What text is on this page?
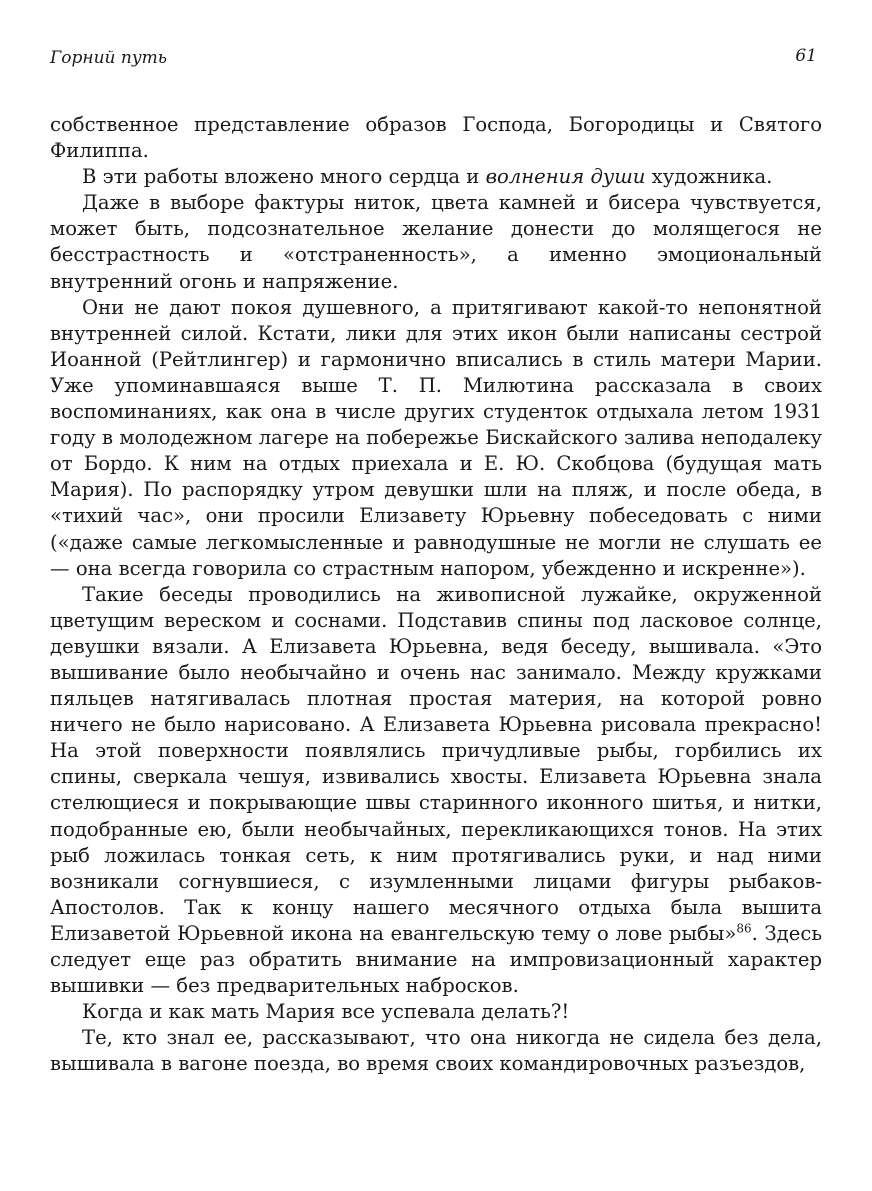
Горний путь	61

собственное представление образов Господа, Богородицы и Святого Филиппа.

В эти работы вложено много сердца и волнения души художника.

Даже в выборе фактуры ниток, цвета камней и бисера чувствуется, может быть, подсознательное желание донести до молящегося не бесстрастность и «отстраненность», а именно эмоциональный внутренний огонь и напряжение.

Они не дают покоя душевного, а притягивают какой-то непонятной внутренней силой. Кстати, лики для этих икон были написаны сестрой Иоанной (Рейтлингер) и гармонично вписались в стиль матери Марии. Уже упоминавшаяся выше Т. П. Милютина рассказала в своих воспоминаниях, как она в числе других студенток отдыхала летом 1931 году в молодежном лагере на побережье Бискайского залива неподалеку от Бордо. К ним на отдых приехала и Е. Ю. Скобцова (будущая мать Мария). По распорядку утром девушки шли на пляж, и после обеда, в «тихий час», они просили Елизавету Юрьевну побеседовать с ними («даже самые легкомысленные и равнодушные не могли не слушать ее — она всегда говорила со страстным напором, убежденно и искренне»).

Такие беседы проводились на живописной лужайке, окруженной цветущим вереском и соснами. Подставив спины под ласковое солнце, девушки вязали. А Елизавета Юрьевна, ведя беседу, вышивала. «Это вышивание было необычайно и очень нас занимало. Между кружками пяльцев натягивалась плотная простая материя, на которой ровно ничего не было нарисовано. А Елизавета Юрьевна рисовала прекрасно! На этой поверхности появлялись причудливые рыбы, горбились их спины, сверкала чешуя, извивались хвосты. Елизавета Юрьевна знала стелющиеся и покрывающие швы старинного иконного шитья, и нитки, подобранные ею, были необычайных, перекликающихся тонов. На этих рыб ложилась тонкая сеть, к ним протягивались руки, и над ними возникали согнувшиеся, с изумленными лицами фигуры рыбаков-Апостолов. Так к концу нашего месячного отдыха была вышита Елизаветой Юрьевной икона на евангельскую тему о лове рыбы»$^{86}$. Здесь следует еще раз обратить внимание на импровизационный характер вышивки — без предварительных набросков.

Когда и как мать Мария все успевала делать?!

Те, кто знал ее, рассказывают, что она никогда не сидела без дела, вышивала в вагоне поезда, во время своих командировочных разъездов,
